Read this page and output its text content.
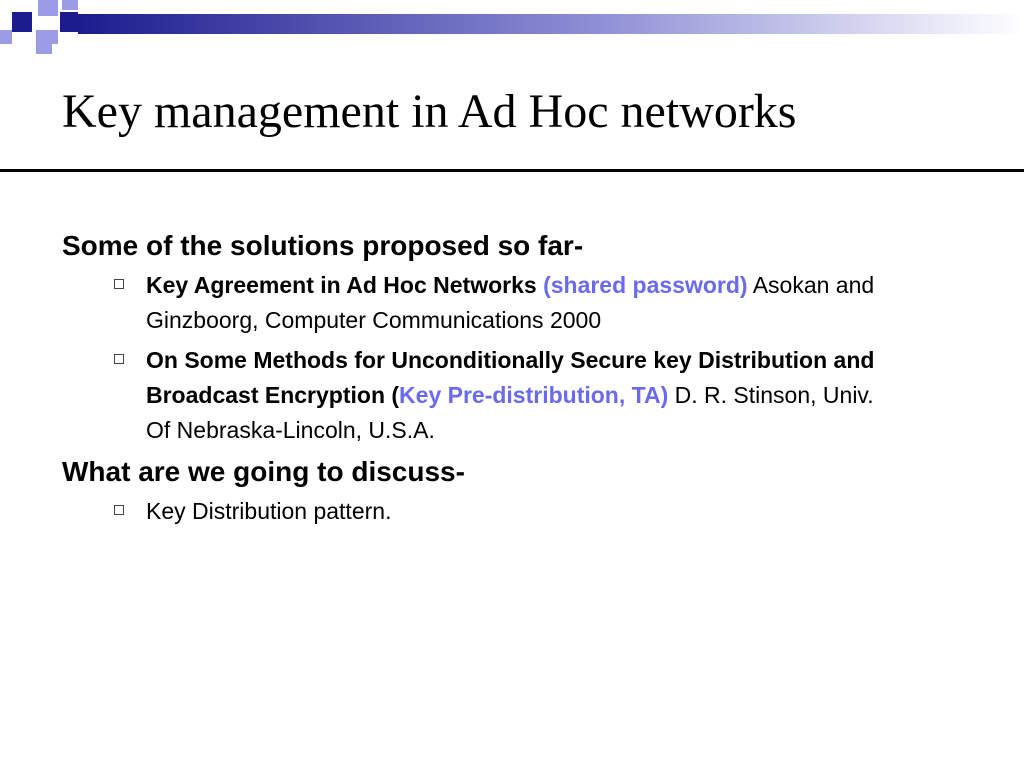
Key management in Ad Hoc networks

Some of the solutions proposed so far-

Key Agreement in Ad Hoc Networks (shared password) Asokan and Ginzboorg, Computer Communications 2000
On Some Methods for Unconditionally Secure key Distribution and Broadcast Encryption (Key Pre-distribution, TA) D. R. Stinson, Univ. Of Nebraska-Lincoln, U.S.A.

What are we going to discuss-

Key Distribution pattern.
